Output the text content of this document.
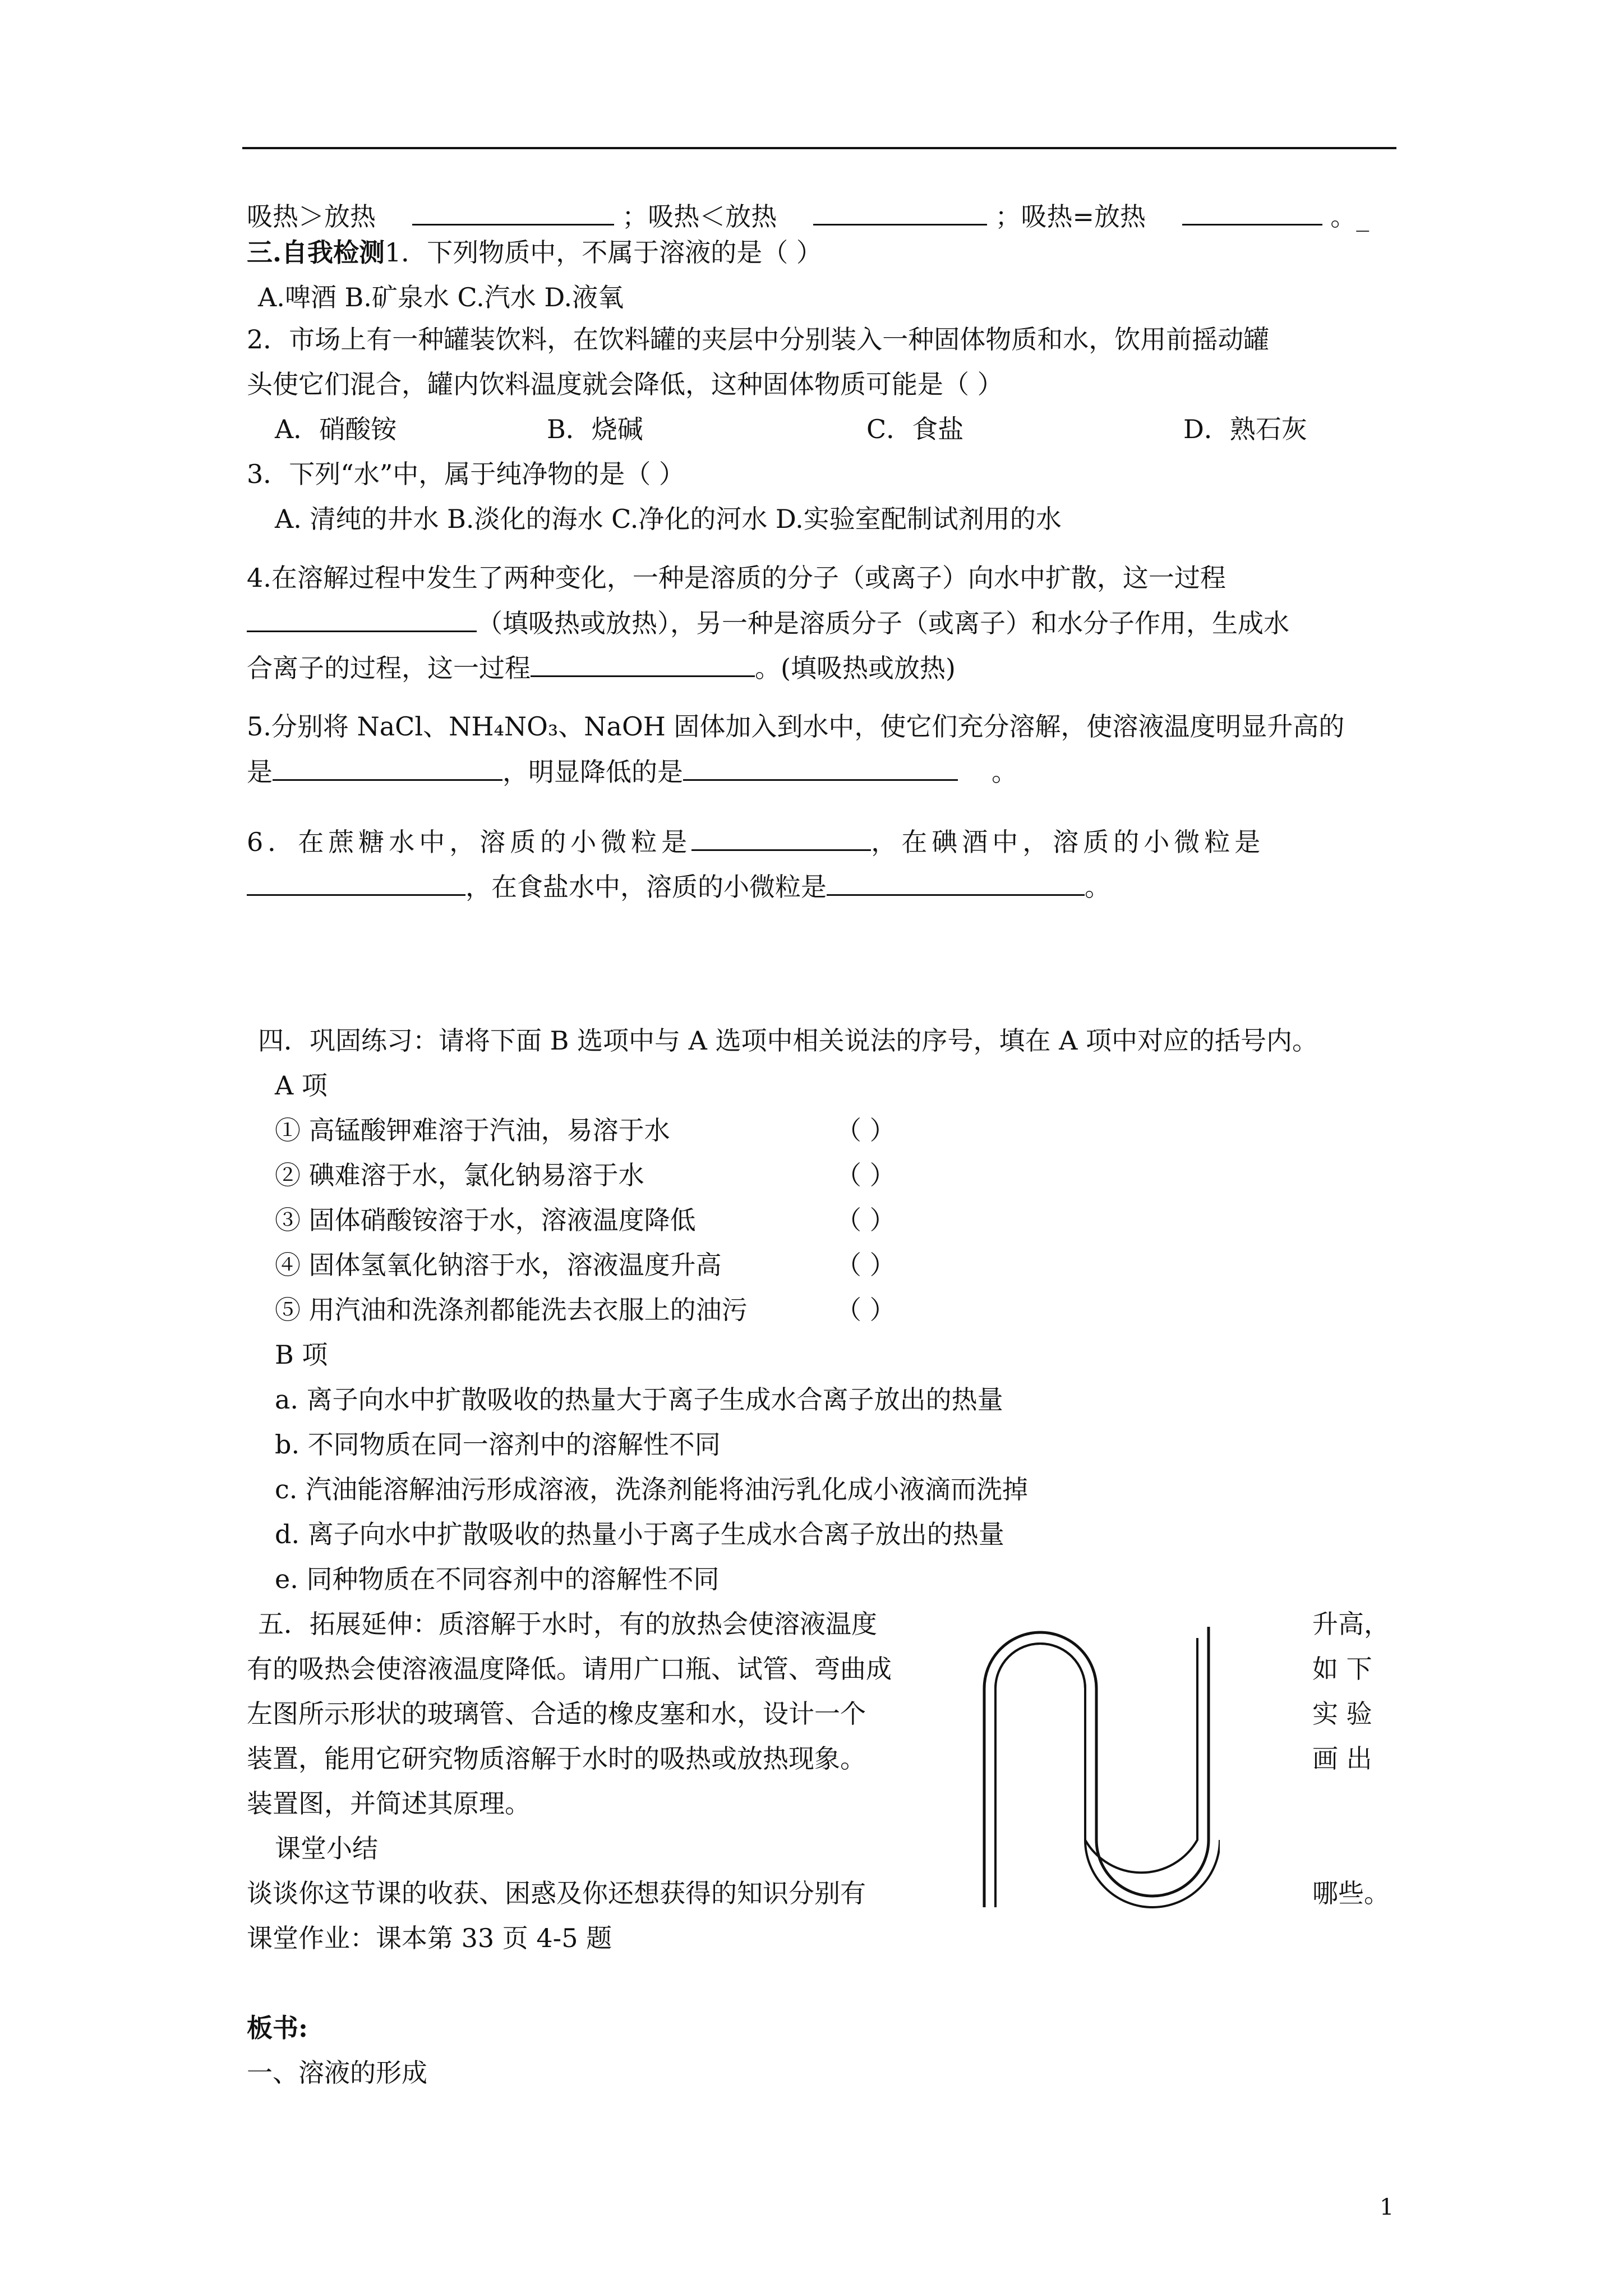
吸热＞放热	；吸热＜放热	；吸热=放热	。_
三.自我检测1．下列物质中，不属于溶液的是（ ）
A.啤酒 B.矿泉水 C.汽水 D.液氧
2．市场上有一种罐装饮料，在饮料罐的夹层中分别装入一种固体物质和水，饮用前摇动罐
头使它们混合，罐内饮料温度就会降低，这种固体物质可能是（ ）
A．硝酸铵	B．烧碱	C．食盐	D．熟石灰
3．下列“水”中，属于纯净物的是（ ）
A. 清纯的井水 B.淡化的海水 C.净化的河水 D.实验室配制试剂用的水
4.在溶解过程中发生了两种变化，一种是溶质的分子（或离子）向水中扩散，这一过程
（填吸热或放热），另一种是溶质分子（或离子）和水分子作用，生成水
合离子的过程，这一过程	。(填吸热或放热)
5.分别将 NaCl、NH₄NO₃、NaOH 固体加入到水中，使它们充分溶解，使溶液温度明显升高的
是	，明显降低的是	。
6．在蔗糖水中，溶质的小微粒是	，在碘酒中，溶质的小微粒是
，在食盐水中，溶质的小微粒是	。
四．巩固练习：请将下面 B 选项中与 A 选项中相关说法的序号，填在 A 项中对应的括号内。
A 项
① 高锰酸钾难溶于汽油，易溶于水	（ ）
② 碘难溶于水，氯化钠易溶于水	（ ）
③ 固体硝酸铵溶于水，溶液温度降低	（ ）
④ 固体氢氧化钠溶于水，溶液温度升高	（ ）
⑤ 用汽油和洗涤剂都能洗去衣服上的油污	（ ）
B 项
a. 离子向水中扩散吸收的热量大于离子生成水合离子放出的热量
b. 不同物质在同一溶剂中的溶解性不同
c. 汽油能溶解油污形成溶液，洗涤剂能将油污乳化成小液滴而洗掉
d. 离子向水中扩散吸收的热量小于离子生成水合离子放出的热量
e. 同种物质在不同容剂中的溶解性不同
五．拓展延伸：质溶解于水时，有的放热会使溶液温度	升高，
有的吸热会使溶液温度降低。请用广口瓶、试管、弯曲成	如 下
左图所示形状的玻璃管、合适的橡皮塞和水，设计一个	实 验
装置，能用它研究物质溶解于水时的吸热或放热现象。	画 出
装置图，并简述其原理。
课堂小结
谈谈你这节课的收获、困惑及你还想获得的知识分别有	哪些。
课堂作业：课本第 33 页 4-5 题
板书:
一、溶液的形成
1
